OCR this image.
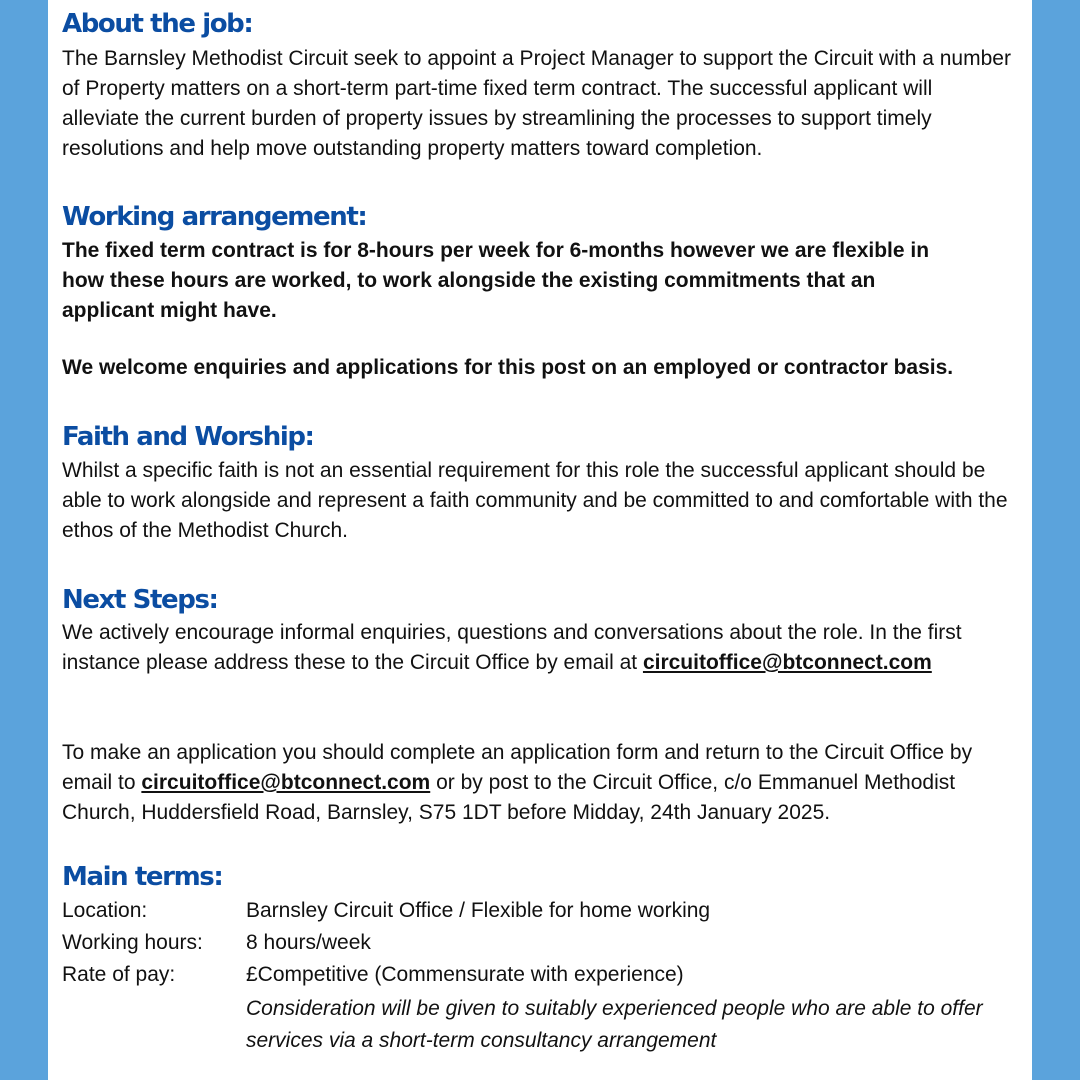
About the job:

The Barnsley Methodist Circuit seek to appoint a Project Manager to support the Circuit with a number of Property matters on a short-term part-time fixed term contract. The successful applicant will alleviate the current burden of property issues by streamlining the processes to support timely resolutions and help move outstanding property matters toward completion.

Working arrangement:
The fixed term contract is for 8-hours per week for 6-months however we are flexible in
how these hours are worked, to work alongside the existing commitments that an
applicant might have.

We welcome enquiries and applications for this post on an employed or contractor basis.

Faith and Worship:

Whilst a specific faith is not an essential requirement for this role the successful applicant should be able to work alongside and represent a faith community and be committed to and comfortable with the ethos of the Methodist Church.

Next Steps:

We actively encourage informal enquiries, questions and conversations about the role. In the first instance please address these to the Circuit Office by email at circuitoffice@btconnect.com

To make an application you should complete an application form and return to the Circuit Office by email to circuitoffice@btconnect.com or by post to the Circuit Office, c/o Emmanuel Methodist Church, Huddersfield Road, Barnsley, S75 1DT before Midday, 24th January 2025.

Main terms:
Location:	Barnsley Circuit Office / Flexible for home working
Working hours: 8 hours/week
Rate of pay:	£Competitive (Commensurate with experience)
Consideration will be given to suitably experienced people who are able to offer services via a short-term consultancy arrangement
